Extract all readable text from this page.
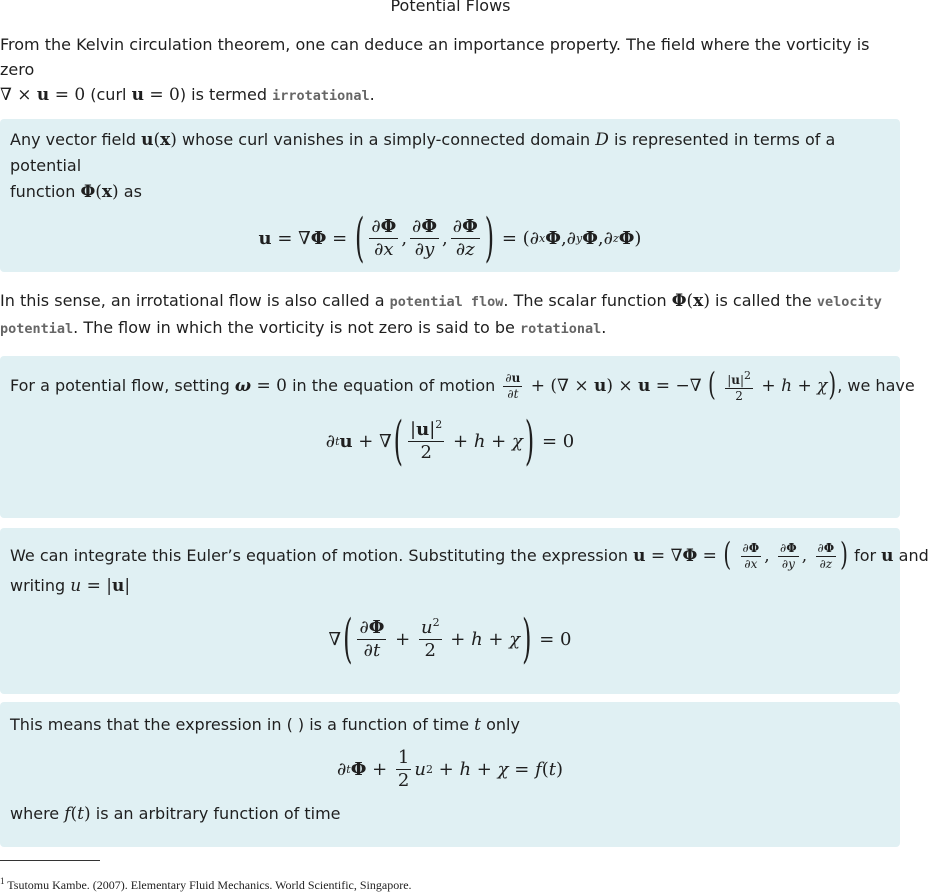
Potential Flows

From the Kelvin circulation theorem, one can deduce an importance property. The field where the vorticity is zero
∇ × u = 0 (curl u = 0) is termed irrotational.

Any vector field u(x) whose curl vanishes in a simply-connected domain D is represented in terms of a potential
function Φ(x) as

u = ∇ Φ = ( $\frac{\partial\Phi}{\partial x}$ , $\frac{\partial\Phi}{\partial y}$ , $\frac{\partial\Phi}{\partial z}$ ) = ( ∂ x Φ , ∂ y Φ , ∂ z Φ )

In this sense, an irrotational flow is also called a potential flow. The scalar function Φ(x) is called the velocity
potential. The flow in which the vorticity is not zero is said to be rotational.

For a potential flow, setting ω = 0 in the equation of motion $\frac{\partial u}{\partial t}$ + (∇ × u) × u = −∇ ( $\frac{|u|^2}{2} + h + \chi$), we have

∂ t u + ∇ ( $\frac{|u|^2}{2} + h + \chi$ ) = 0

We can integrate this Euler’s equation of motion. Substituting the expression u = ∇Φ = ( $\frac{\partial\Phi}{\partial x}$ , $\frac{\partial\Phi}{\partial y}$ , $\frac{\partial\Phi}{\partial z}$ ) for u and

writing u = |u|

∇ ( $\frac{\partial\Phi}{\partial t} + \frac{u^2}{2} + h + \chi$ ) = 0

This means that the expression in ( ) is a function of time t only

∂ t $\Phi + \frac{1}{2}$ u 2 + h + χ = f ( t )

where f(t) is an arbitrary function of time

$^1$ Tsutomu Kambe. (2007). Elementary Fluid Mechanics. World Scientific, Singapore.
